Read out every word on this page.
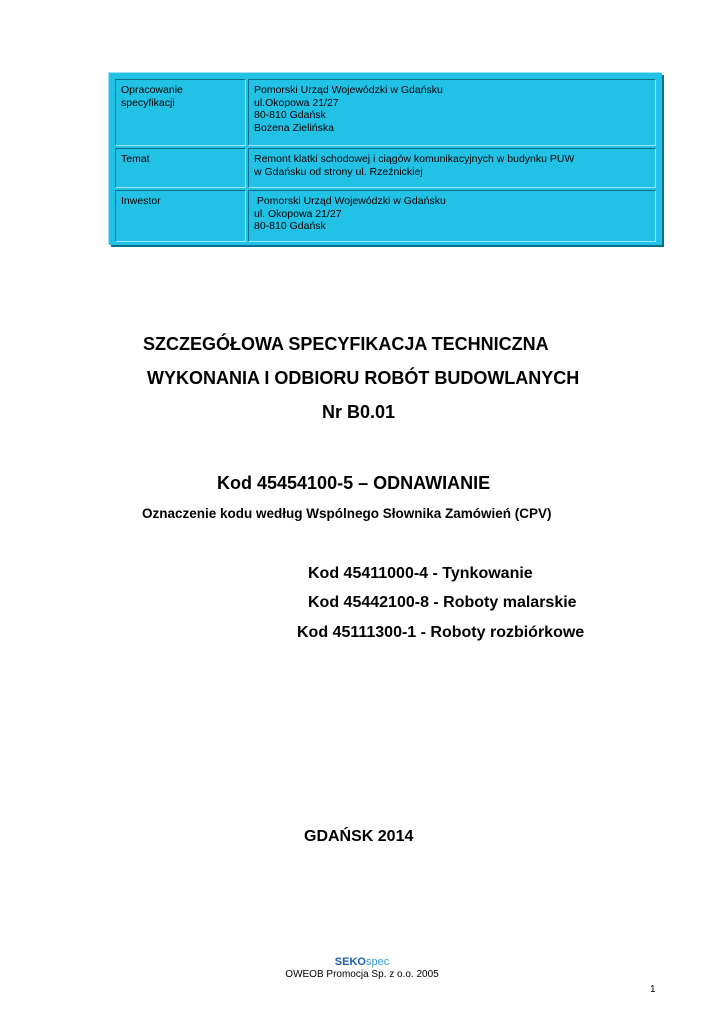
Opracowanie
specyfikacji	Pomorski Urząd Wojewódzki w Gdańsku
ul.Okopowa 21/27
80-810 Gdańsk
Bożena Zielińska

Temat	Remont klatki schodowej i ciągów komunikacyjnych w budynku PUW
w Gdańsku od strony ul. Rzeźnickiej

Inwestor	Pomorski Urząd Wojewódzki w Gdańsku
ul. Okopowa 21/27
80-810 Gdańsk
SZCZEGÓŁOWA SPECYFIKACJA TECHNICZNA
WYKONANIA I ODBIORU ROBÓT BUDOWLANYCH
Nr B0.01
Kod 45454100-5 – ODNAWIANIE
Oznaczenie kodu według Wspólnego Słownika Zamówień (CPV)
Kod 45411000-4 - Tynkowanie
Kod 45442100-8 - Roboty malarskie
Kod 45111300-1 - Roboty rozbiórkowe
GDAŃSK 2014
SEKOspec
OWEOB Promocja Sp. z o.o. 2005
1
